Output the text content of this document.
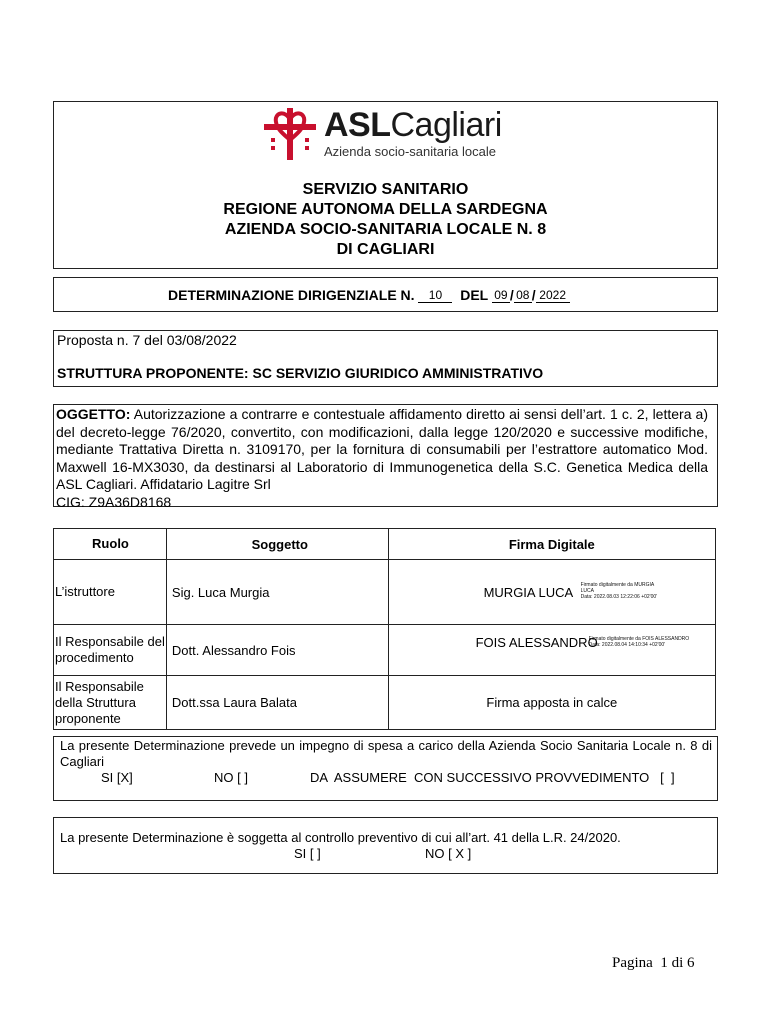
ASLCagliari
Azienda socio-sanitaria locale
SERVIZIO SANITARIO
REGIONE AUTONOMA DELLA SARDEGNA
AZIENDA SOCIO-SANITARIA LOCALE N. 8
DI CAGLIARI
DETERMINAZIONE DIRIGENZIALE N. 10 DEL 09 / 08 / 2022
Proposta n. 7 del 03/08/2022
STRUTTURA PROPONENTE: SC SERVIZIO GIURIDICO AMMINISTRATIVO
OGGETTO: Autorizzazione a contrarre e contestuale affidamento diretto ai sensi dell’art. 1 c. 2, lettera a) del decreto-legge 76/2020, convertito, con modificazioni, dalla legge 120/2020 e successive modifiche, mediante Trattativa Diretta n. 3109170, per la fornitura di consumabili per l’estrattore automatico Mod. Maxwell 16-MX3030, da destinarsi al Laboratorio di Immunogenetica della S.C. Genetica Medica della ASL Cagliari. Affidatario Lagitre Srl
CIG: Z9A36D8168
Ruolo	Soggetto	Firma Digitale
L’istruttore	Sig. Luca Murgia	MURGIA LUCA Firmato digitalmente da MURGIA
LUCA
Data: 2022.08.03 12:22:06 +02'00'

Il Responsabile del procedimento	Dott. Alessandro Fois	FOIS ALESSANDRO
Firmato digitalmente da FOIS ALESSANDRO
Data: 2022.08.04 14:10:34 +02'00'

Il Responsabile della Struttura proponente	Dott.ssa Laura Balata	Firma apposta in calce
La presente Determinazione prevede un impegno di spesa a carico della Azienda Socio Sanitaria Locale n. 8 di Cagliari
SI [X]	NO [ ]	DA  ASSUMERE  CON SUCCESSIVO PROVVEDIMENTO   [  ]
La presente Determinazione è soggetta al controllo preventivo di cui all’art. 41 della L.R. 24/2020.
SI [ ]	NO [ X ]
Pagina  1 di 6
